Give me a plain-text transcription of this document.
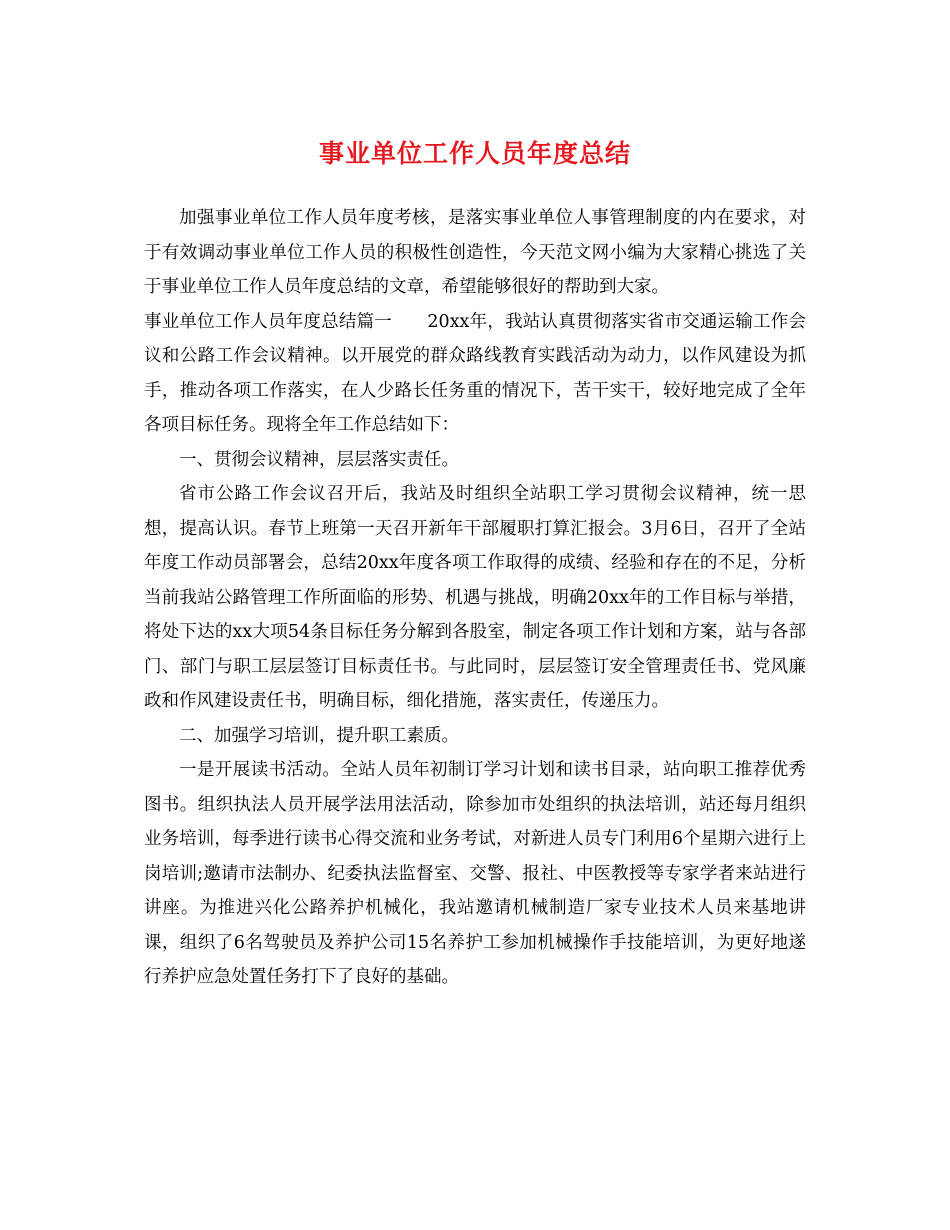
事业单位工作人员年度总结

加强事业单位工作人员年度考核，是落实事业单位人事管理制度的内在要求，对于有效调动事业单位工作人员的积极性创造性，今天范文网小编为大家精心挑选了关于事业单位工作人员年度总结的文章，希望能够很好的帮助到大家。

事业单位工作人员年度总结篇一　　20xx年，我站认真贯彻落实省市交通运输工作会议和公路工作会议精神。以开展党的群众路线教育实践活动为动力，以作风建设为抓手，推动各项工作落实，在人少路长任务重的情况下，苦干实干，较好地完成了全年各项目标任务。现将全年工作总结如下：

一、贯彻会议精神，层层落实责任。

省市公路工作会议召开后，我站及时组织全站职工学习贯彻会议精神，统一思想，提高认识。春节上班第一天召开新年干部履职打算汇报会。3月6日，召开了全站年度工作动员部署会，总结20xx年度各项工作取得的成绩、经验和存在的不足，分析当前我站公路管理工作所面临的形势、机遇与挑战，明确20xx年的工作目标与举措，将处下达的xx大项54条目标任务分解到各股室，制定各项工作计划和方案，站与各部门、部门与职工层层签订目标责任书。与此同时，层层签订安全管理责任书、党风廉政和作风建设责任书，明确目标，细化措施，落实责任，传递压力。

二、加强学习培训，提升职工素质。

一是开展读书活动。全站人员年初制订学习计划和读书目录，站向职工推荐优秀图书。组织执法人员开展学法用法活动，除参加市处组织的执法培训，站还每月组织业务培训，每季进行读书心得交流和业务考试，对新进人员专门利用6个星期六进行上岗培训;邀请市法制办、纪委执法监督室、交警、报社、中医教授等专家学者来站进行讲座。为推进兴化公路养护机械化，我站邀请机械制造厂家专业技术人员来基地讲课，组织了6名驾驶员及养护公司15名养护工参加机械操作手技能培训，为更好地遂行养护应急处置任务打下了良好的基础。
